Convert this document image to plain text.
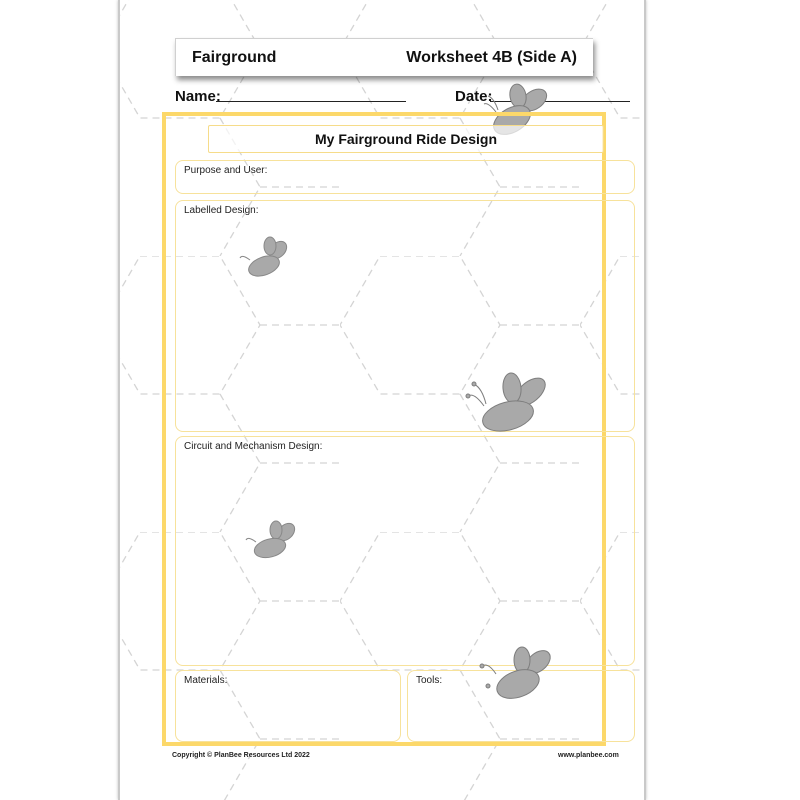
Fairground	Worksheet 4B (Side A)
Name:	Date:
My Fairground Ride Design
Purpose and User:
Labelled Design:
Circuit and Mechanism Design:
Materials:	Tools:
Copyright © PlanBee Resources Ltd 2022	www.planbee.com
